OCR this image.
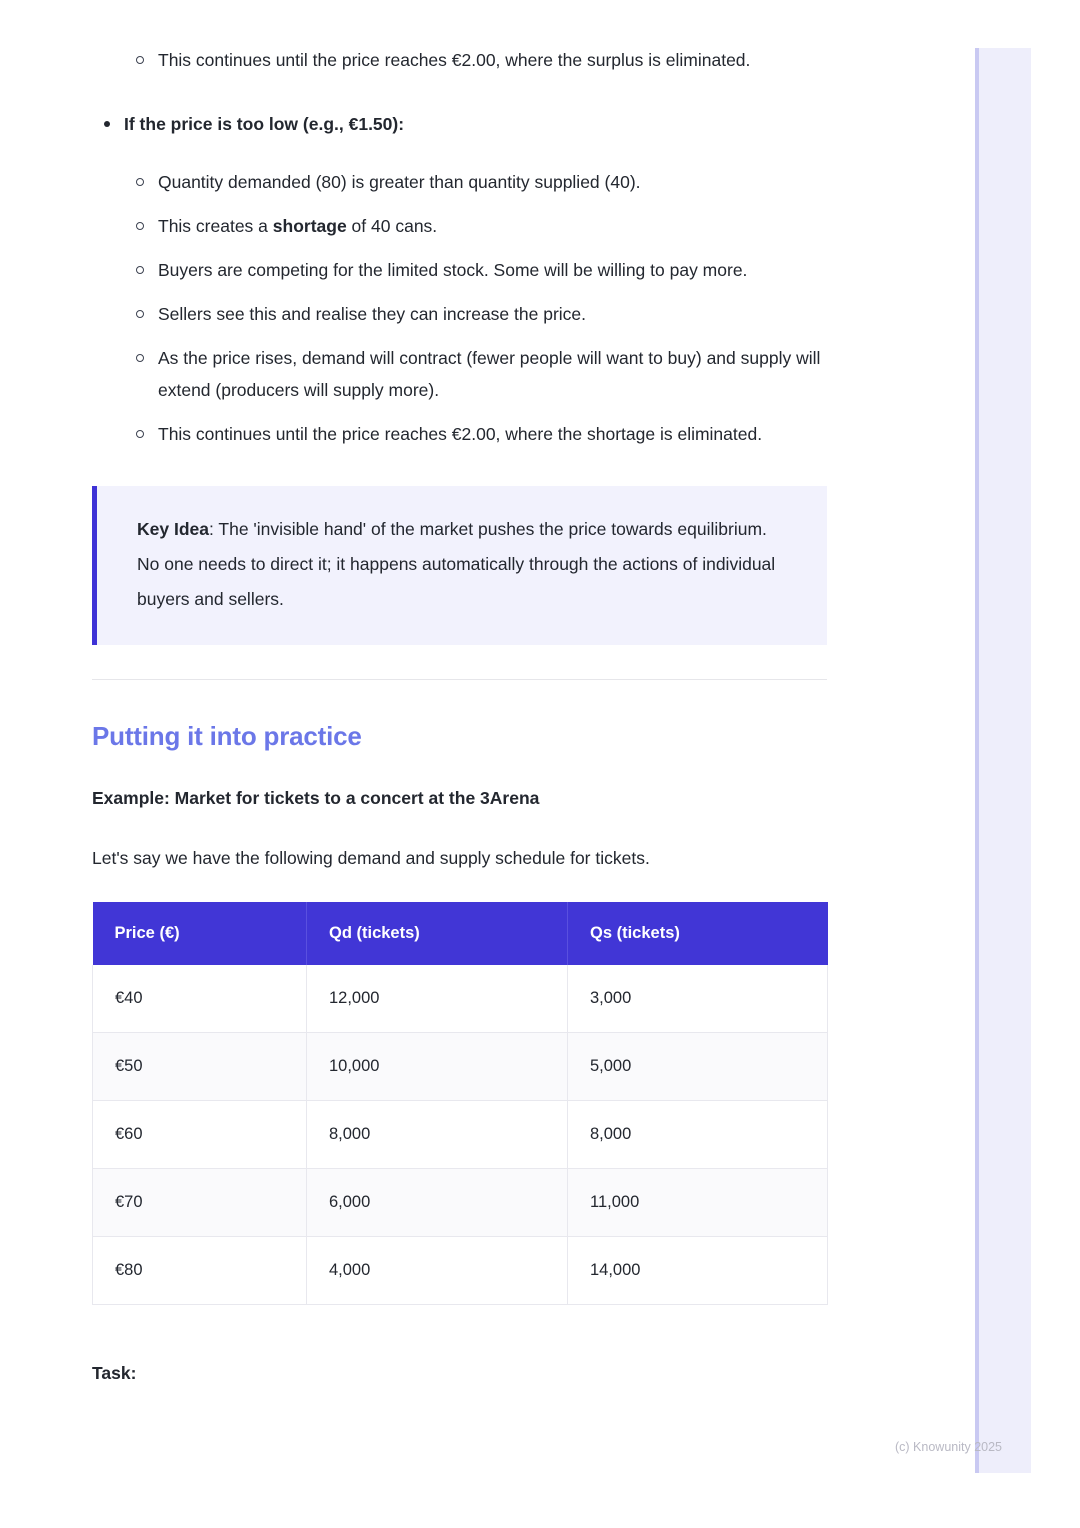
This continues until the price reaches €2.00, where the surplus is eliminated.
If the price is too low (e.g., €1.50):
Quantity demanded (80) is greater than quantity supplied (40).
This creates a shortage of 40 cans.
Buyers are competing for the limited stock. Some will be willing to pay more.
Sellers see this and realise they can increase the price.
As the price rises, demand will contract (fewer people will want to buy) and supply will extend (producers will supply more).
This continues until the price reaches €2.00, where the shortage is eliminated.
Key Idea: The 'invisible hand' of the market pushes the price towards equilibrium. No one needs to direct it; it happens automatically through the actions of individual buyers and sellers.
Putting it into practice
Example: Market for tickets to a concert at the 3Arena
Let's say we have the following demand and supply schedule for tickets.
Price (€)	Qd (tickets)	Qs (tickets)
€40	12,000	3,000
€50	10,000	5,000
€60	8,000	8,000
€70	6,000	11,000
€80	4,000	14,000
Task:
(c) Knowunity 2025
